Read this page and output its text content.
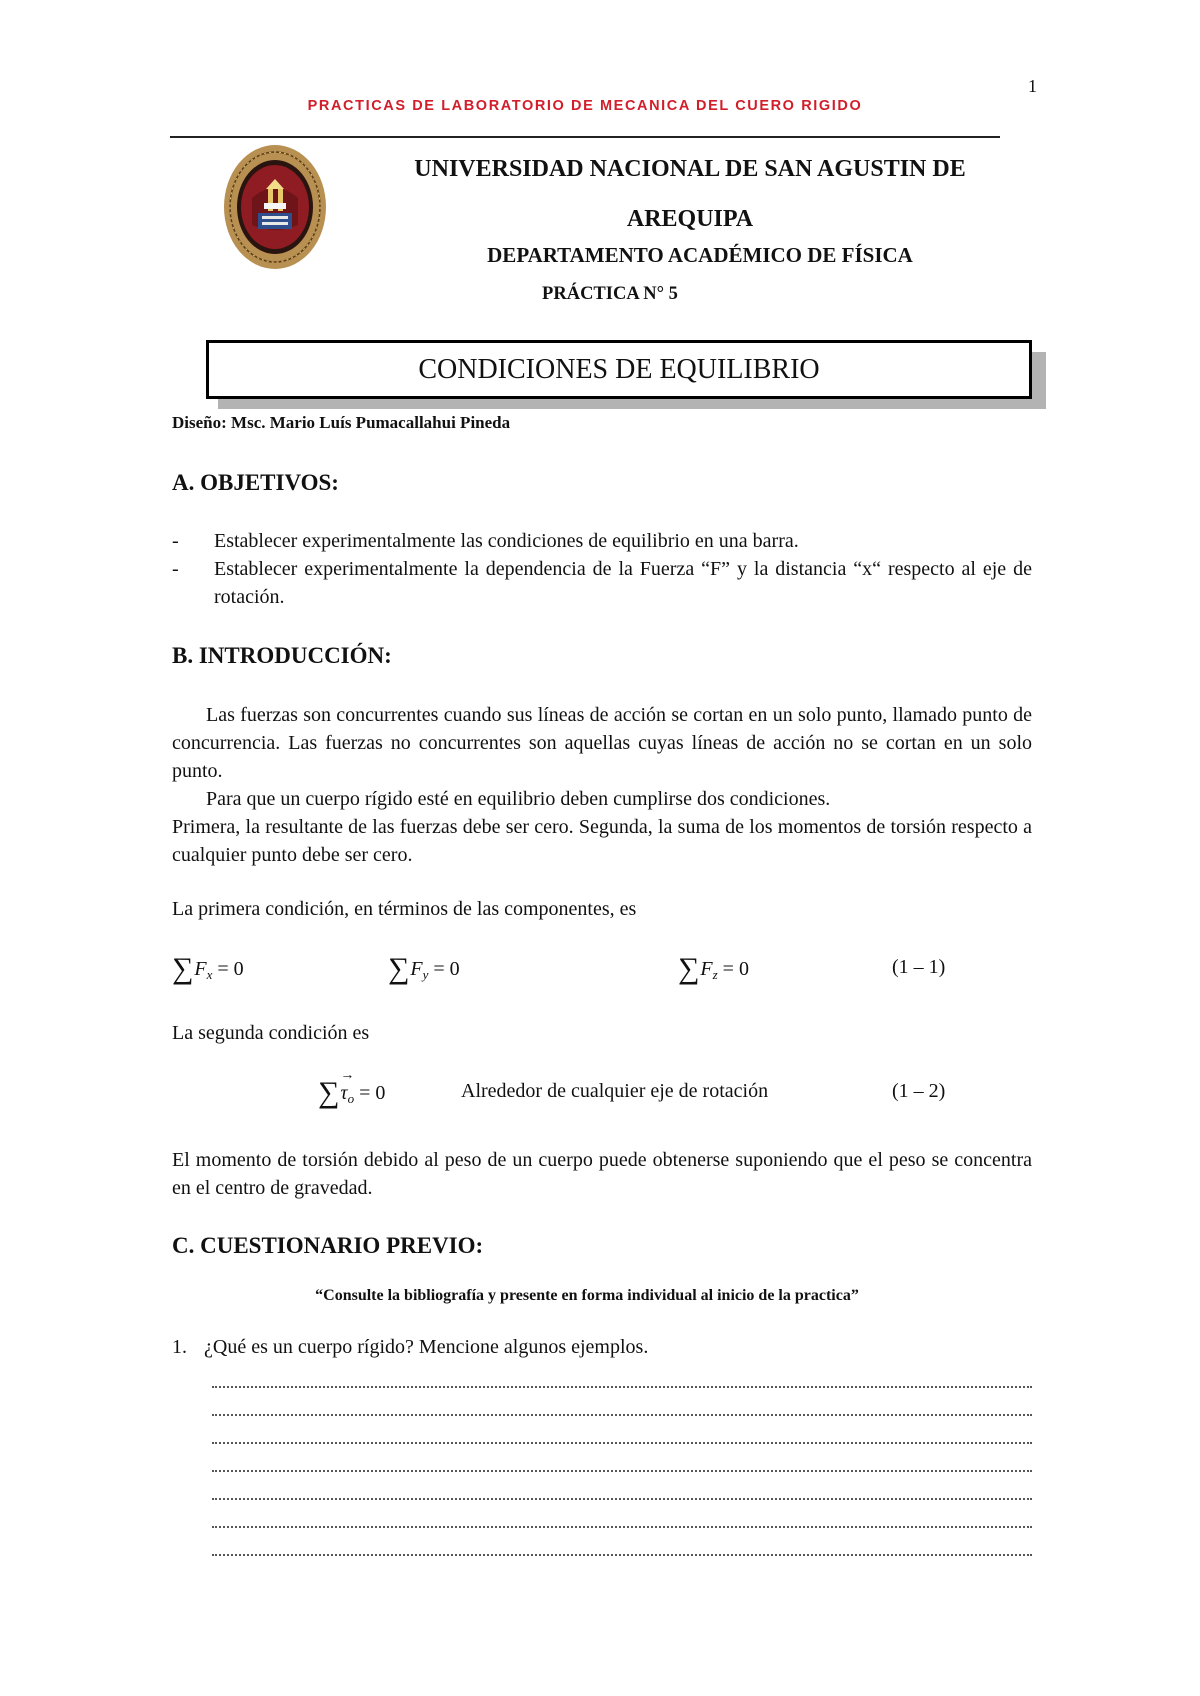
1
PRACTICAS DE LABORATORIO DE MECANICA DEL CUERO RIGIDO
UNIVERSIDAD NACIONAL DE SAN AGUSTIN DE
AREQUIPA
DEPARTAMENTO ACADÉMICO DE FÍSICA
PRÁCTICA N° 5
CONDICIONES DE EQUILIBRIO
Diseño: Msc. Mario Luís Pumacallahui Pineda
A. OBJETIVOS:
-	Establecer experimentalmente las condiciones de equilibrio en una barra.
-	Establecer experimentalmente la dependencia de la Fuerza “F” y la distancia “x“ respecto al eje de rotación.
B. INTRODUCCIÓN:
Las fuerzas son concurrentes cuando sus líneas de acción se cortan en un solo punto, llamado punto de concurrencia. Las fuerzas no concurrentes son aquellas cuyas líneas de acción no se cortan en un solo punto.
Para que un cuerpo rígido esté en equilibrio deben cumplirse dos condiciones.
Primera, la resultante de las fuerzas debe ser cero. Segunda, la suma de los momentos de torsión respecto a cualquier punto debe ser cero.
La primera condición, en términos de las componentes, es
$\sum F_x = 0$	$\sum F_y = 0$	$\sum F_z = 0$	(1 – 1)
La segunda condición es
∑
→
$\tau_o = 0$	Alrededor de cualquier eje de rotación	(1 – 2)
El momento de torsión debido al peso de un cuerpo puede obtenerse suponiendo que el peso se concentra en el centro de gravedad.
C. CUESTIONARIO PREVIO:
“Consulte la bibliografía y presente en forma individual al inicio de la practica”
1. ¿Qué es un cuerpo rígido? Mencione algunos ejemplos.
